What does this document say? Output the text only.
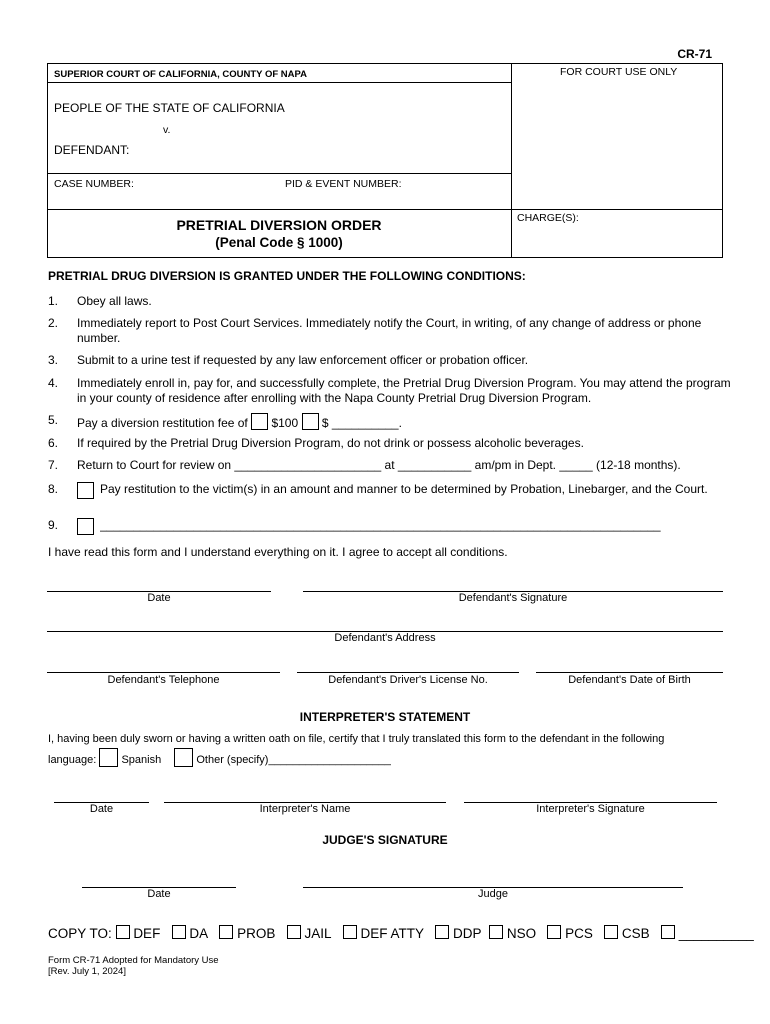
CR-71
SUPERIOR COURT OF CALIFORNIA, COUNTY OF NAPA	FOR COURT USE ONLY
PEOPLE OF THE STATE OF CALIFORNIA
v.
DEFENDANT:
CASE NUMBER:	PID & EVENT NUMBER:
CHARGE(S):
PRETRIAL DIVERSION ORDER
(Penal Code § 1000)
PRETRIAL DRUG DIVERSION IS GRANTED UNDER THE FOLLOWING CONDITIONS:
1.	Obey all laws.
2.	Immediately report to Post Court Services. Immediately notify the Court, in writing, of any change of address or phone number.
3.	Submit to a urine test if requested by any law enforcement officer or probation officer.
4.	Immediately enroll in, pay for, and successfully complete, the Pretrial Drug Diversion Program. You may attend the program in your county of residence after enrolling with the Napa County Pretrial Drug Diversion Program.
5.	Pay a diversion restitution fee of $100 $ __________.
6.	If required by the Pretrial Drug Diversion Program, do not drink or possess alcoholic beverages.
7.	Return to Court for review on ______________________ at ___________ am/pm in Dept. _____ (12-18 months).
8.	Pay restitution to the victim(s) in an amount and manner to be determined by Probation, Linebarger, and the Court.
9.	____________________________________________________________________________________
I have read this form and I understand everything on it. I agree to accept all conditions.
Date	Defendant's Signature
Defendant's Address
Defendant's Telephone	Defendant's Driver's License No.	Defendant's Date of Birth
INTERPRETER'S STATEMENT
I, having been duly sworn or having a written oath on file, certify that I truly translated this form to the defendant in the following
language: Spanish	Other (specify)____________________
Date	Interpreter's Name	Interpreter's Signature
JUDGE'S SIGNATURE
Date	Judge
COPY TO: DEF DA PROB JAIL DEF ATTY DDP NSO PCS CSB __________
Form CR-71 Adopted for Mandatory Use
[Rev. July 1, 2024]
